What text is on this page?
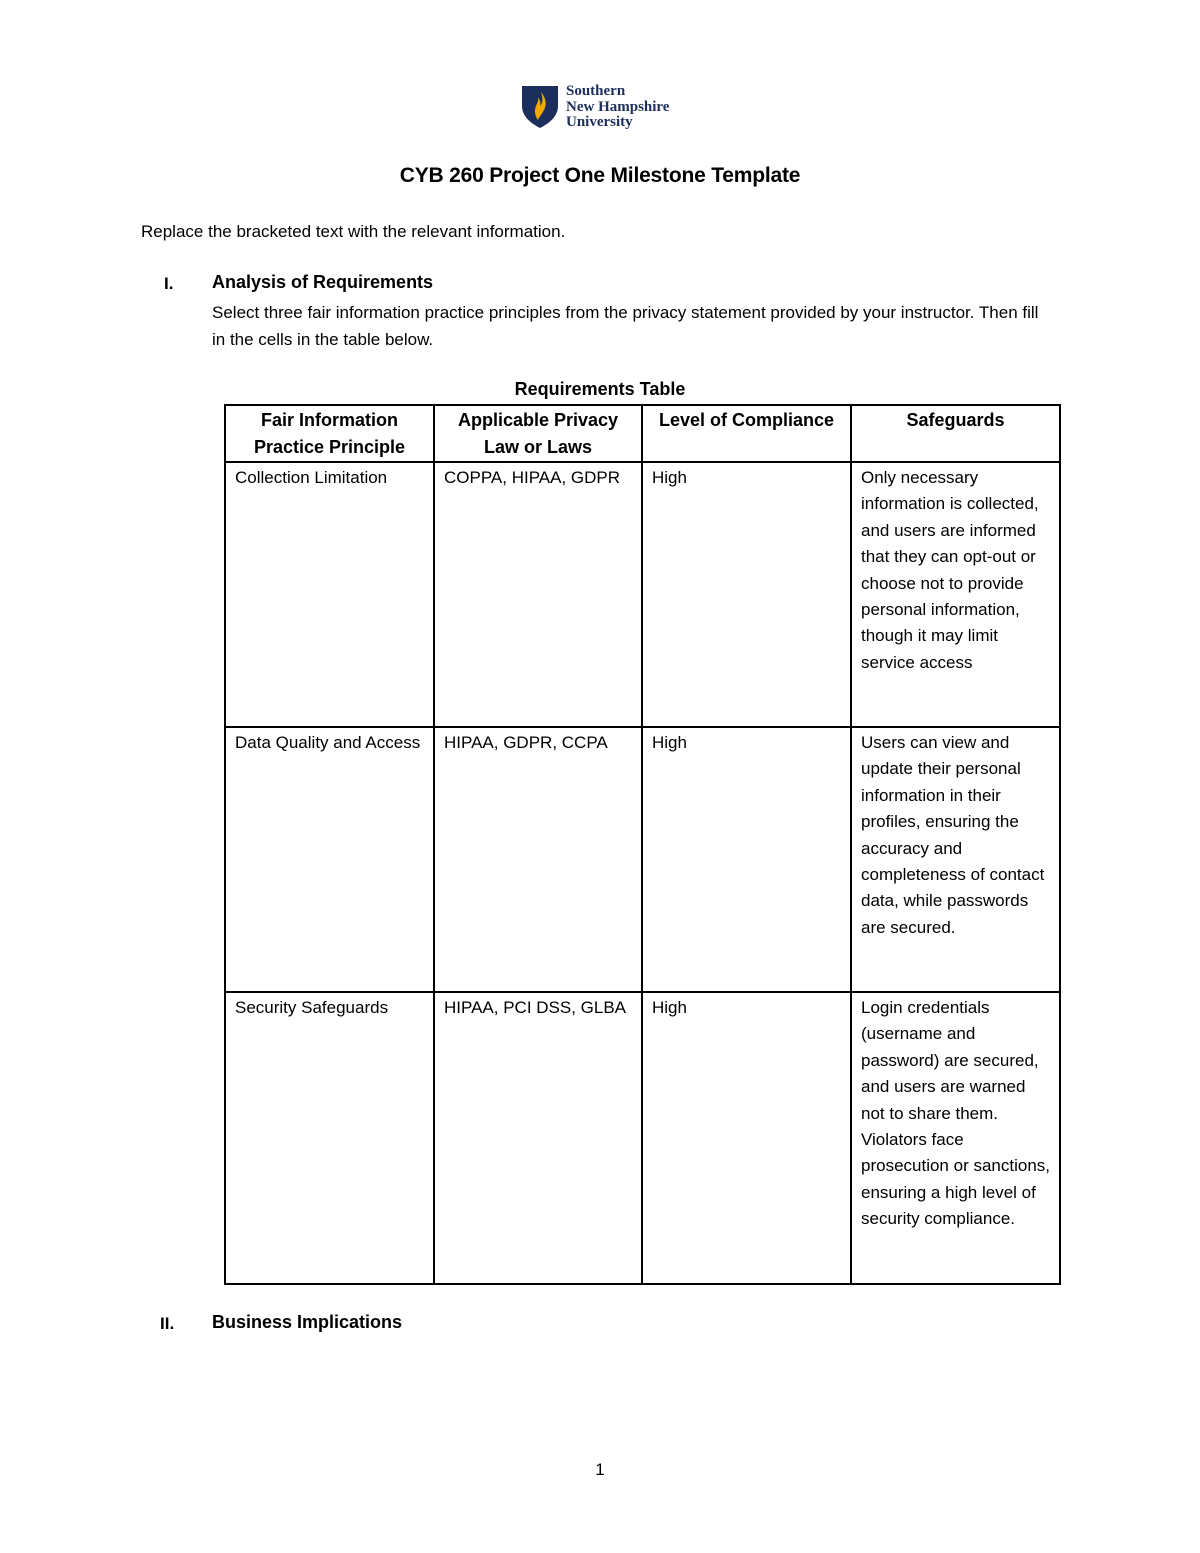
Southern
New Hampshire
University
CYB 260 Project One Milestone Template
Replace the bracketed text with the relevant information.
I. Analysis of Requirements
Select three fair information practice principles from the privacy statement provided by your instructor. Then fill in the cells in the table below.
Requirements Table
Fair Information Practice Principle	Applicable Privacy Law or Laws	Level of Compliance	Safeguards
Collection Limitation	COPPA, HIPAA, GDPR	High	Only necessary information is collected, and users are informed that they can opt-out or choose not to provide personal information, though it may limit service access
Data Quality and Access	HIPAA, GDPR, CCPA	High	Users can view and update their personal information in their profiles, ensuring the accuracy and completeness of contact data, while passwords are secured.
Security Safeguards	HIPAA, PCI DSS, GLBA	High	Login credentials (username and password) are secured, and users are warned not to share them. Violators face prosecution or sanctions, ensuring a high level of security compliance.
II. Business Implications
1
